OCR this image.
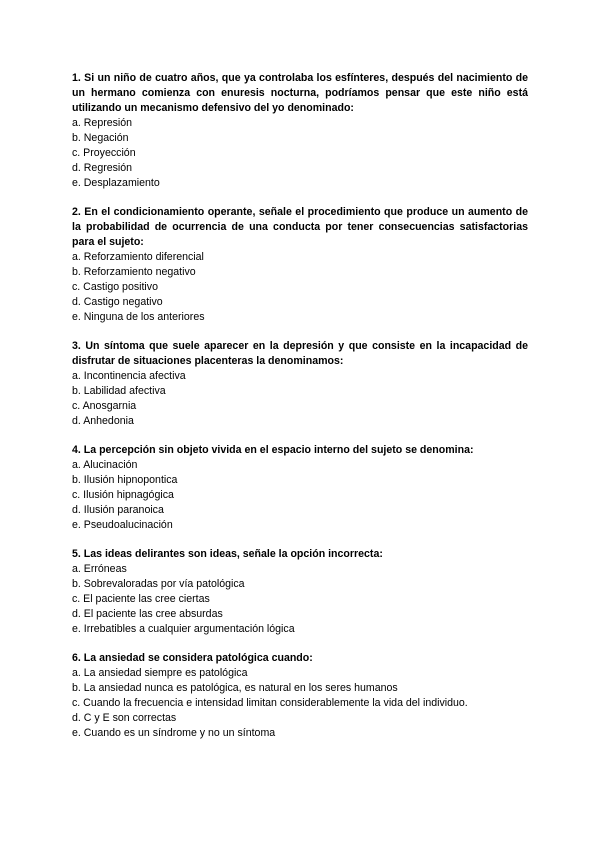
1. Si un niño de cuatro años, que ya controlaba los esfínteres, después del nacimiento de un hermano comienza con enuresis nocturna, podríamos pensar que este niño está utilizando un mecanismo defensivo del yo denominado:

a. Represión
b. Negación
c. Proyección
d. Regresión
e. Desplazamiento

2. En el condicionamiento operante, señale el procedimiento que produce un aumento de la probabilidad de ocurrencia de una conducta por tener consecuencias satisfactorias para el sujeto:

a. Reforzamiento diferencial
b. Reforzamiento negativo
c. Castigo positivo
d. Castigo negativo
e. Ninguna de los anteriores

3. Un síntoma que suele aparecer en la depresión y que consiste en la incapacidad de disfrutar de situaciones placenteras la denominamos:

a. Incontinencia afectiva
b. Labilidad afectiva
c. Anosgarnia
d. Anhedonia

4. La percepción sin objeto vivida en el espacio interno del sujeto se denomina:

a. Alucinación
b. Ilusión hipnopontica
c. Ilusión hipnagógica
d. Ilusión paranoica
e. Pseudoalucinación

5. Las ideas delirantes son ideas, señale la opción incorrecta:

a. Erróneas
b. Sobrevaloradas por vía patológica
c. El paciente las cree ciertas
d. El paciente las cree absurdas
e. Irrebatibles a cualquier argumentación lógica

6. La ansiedad se considera patológica cuando:

a. La ansiedad siempre es patológica
b. La ansiedad nunca es patológica, es natural en los seres humanos
c. Cuando la frecuencia e intensidad limitan considerablemente la vida del individuo.
d. C y E son correctas
e. Cuando es un síndrome y no un síntoma
